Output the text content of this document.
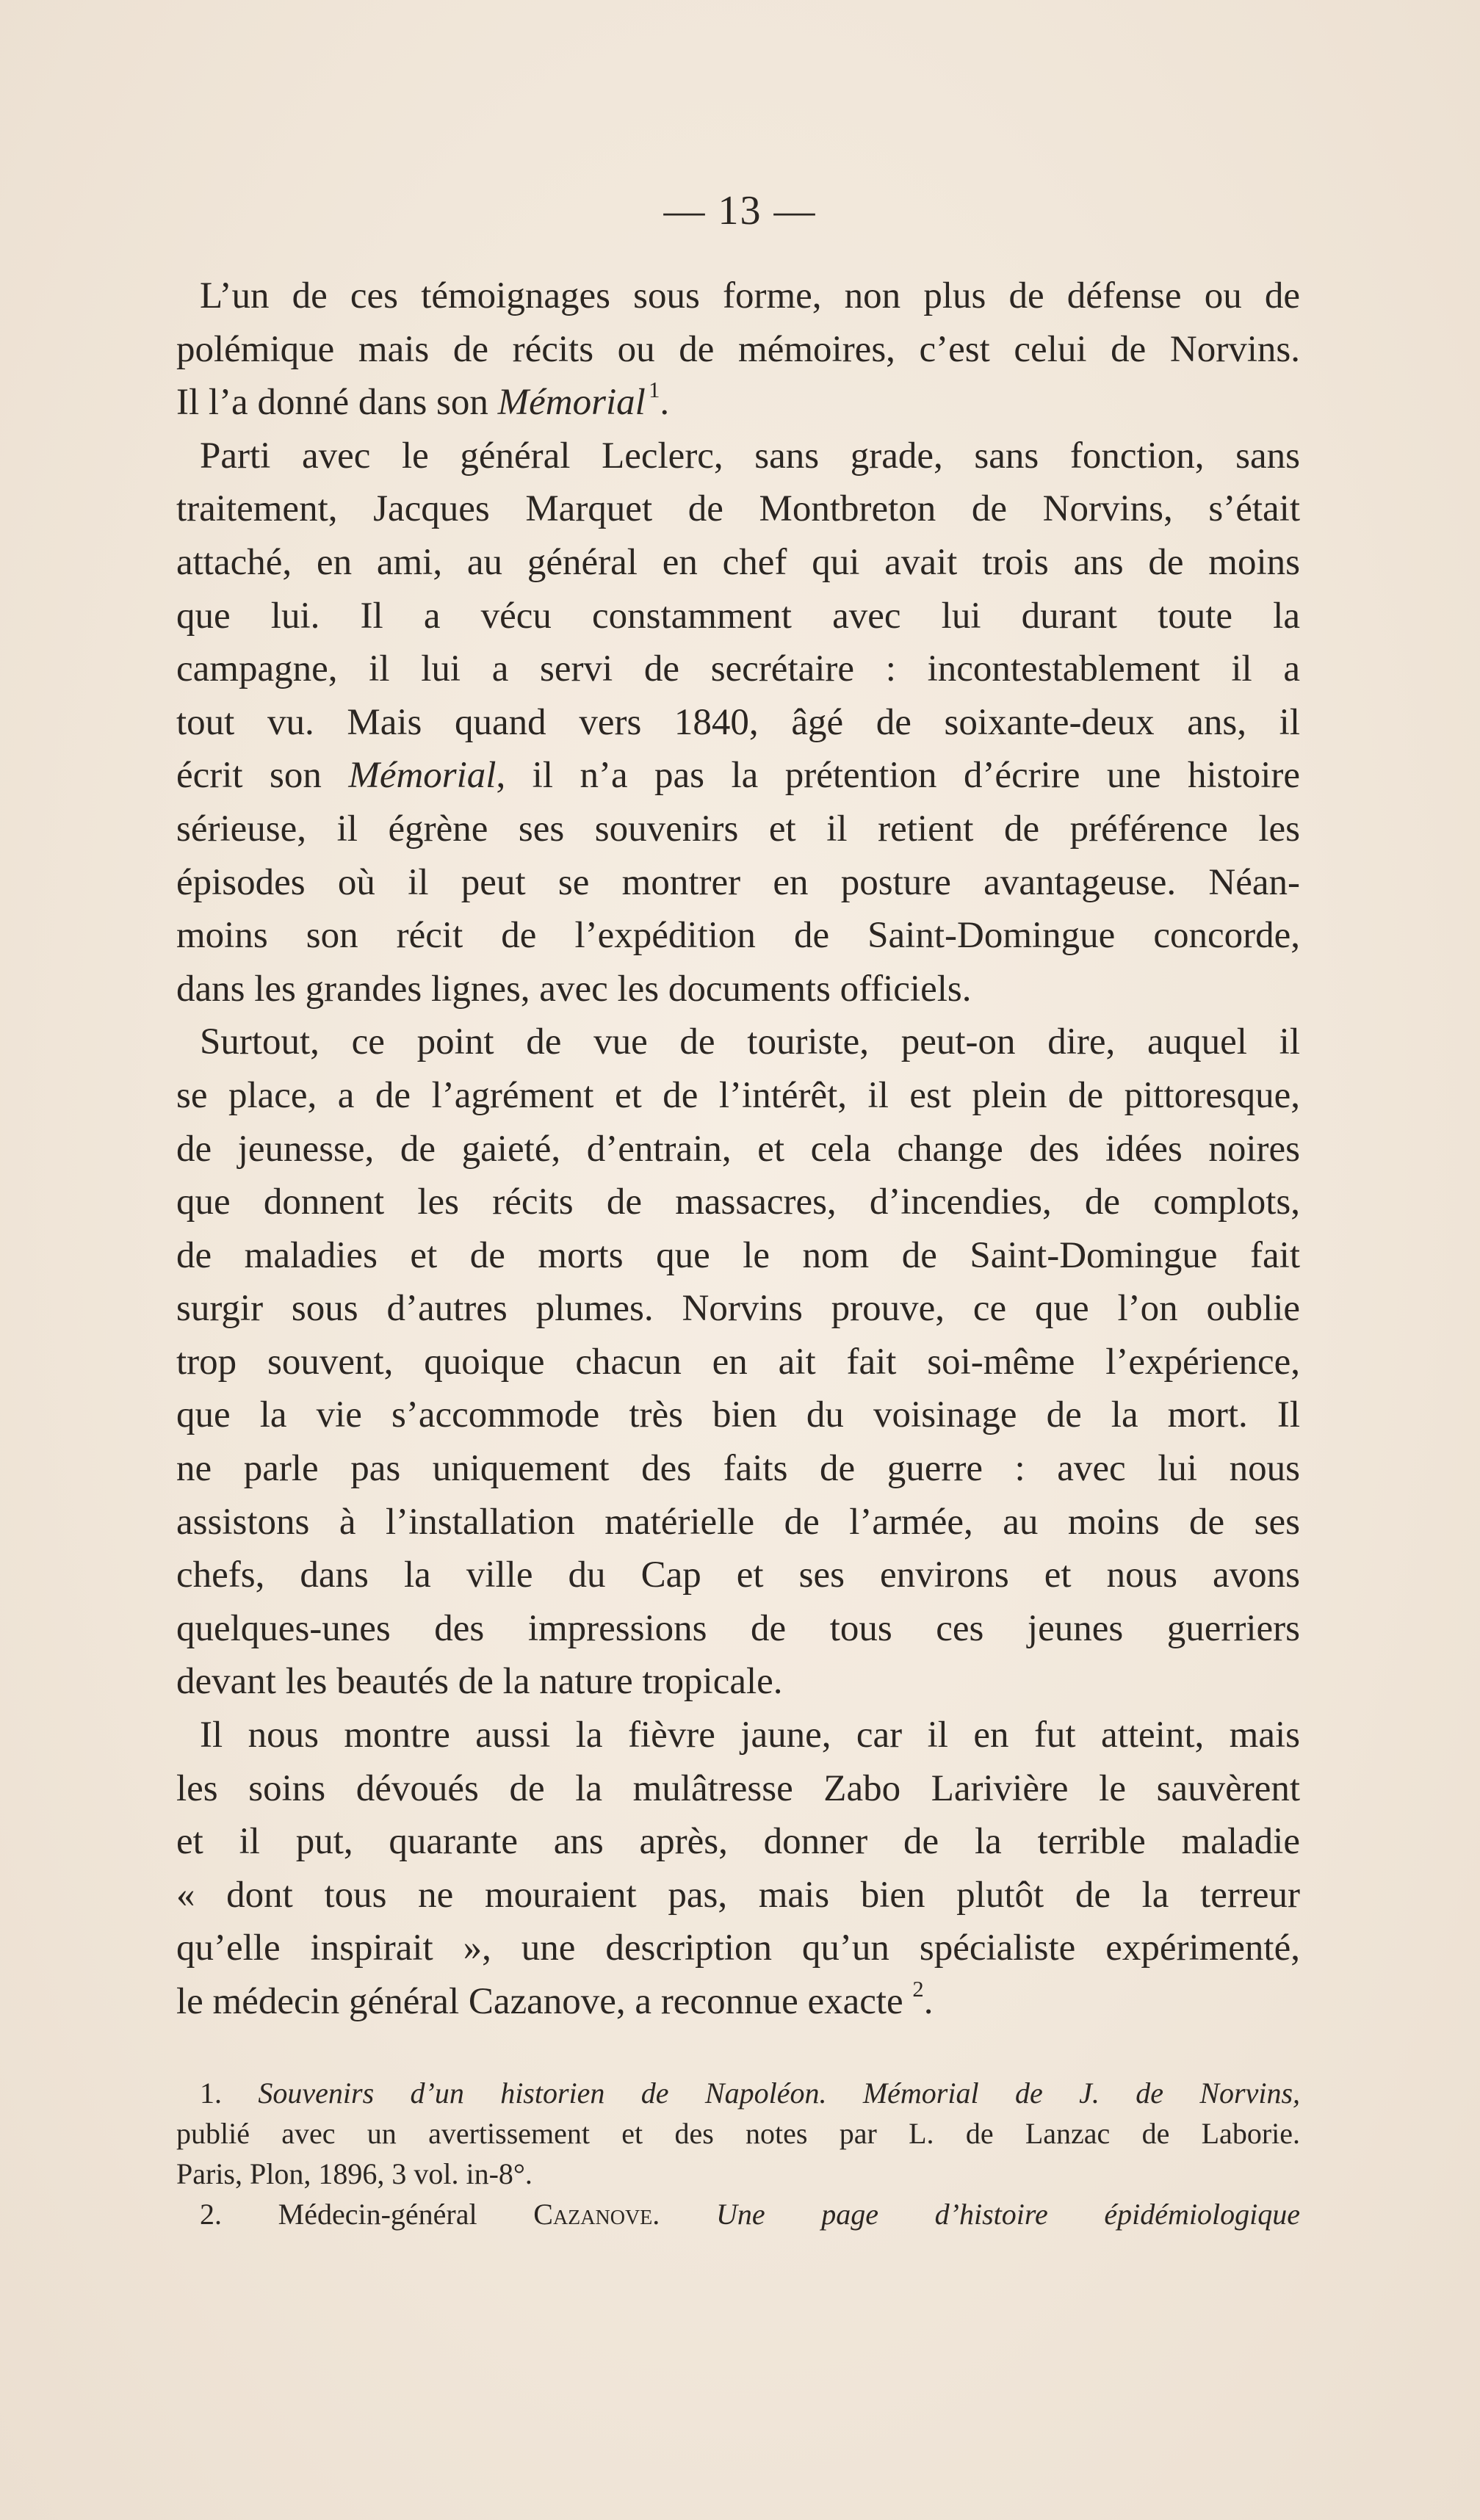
— 13 —
L’un de ces témoignages sous forme, non plus de défense ou de
polémique mais de récits ou de mémoires, c’est celui de Norvins.
Il l’a donné dans son Mémorial  $^1$.
Parti avec le général Leclerc, sans grade, sans fonction, sans
traitement, Jacques Marquet de Montbreton de Norvins, s’était
attaché, en ami, au général en chef qui avait trois ans de moins
que lui. Il a vécu constamment avec lui durant toute la
campagne, il lui a servi de secrétaire : incontestablement il a
tout vu. Mais quand vers 1840, âgé de soixante-deux ans, il
écrit son Mémorial, il n’a pas la prétention d’écrire une histoire
sérieuse, il égrène ses souvenirs et il retient de préférence les
épisodes où il peut se montrer en posture avantageuse. Néan-
moins son récit de l’expédition de Saint-Domingue concorde,
dans les grandes lignes, avec les documents officiels.
Surtout, ce point de vue de touriste, peut-on dire, auquel il
se place, a de l’agrément et de l’intérêt, il est plein de pittoresque,
de jeunesse, de gaieté, d’entrain, et cela change des idées noires
que donnent les récits de massacres, d’incendies, de complots,
de maladies et de morts que le nom de Saint-Domingue fait
surgir sous d’autres plumes. Norvins prouve, ce que l’on oublie
trop souvent, quoique chacun en ait fait soi-même l’expérience,
que la vie s’accommode très bien du voisinage de la mort. Il
ne parle pas uniquement des faits de guerre : avec lui nous
assistons à l’installation matérielle de l’armée, au moins de ses
chefs, dans la ville du Cap et ses environs et nous avons
quelques-unes des impressions de tous ces jeunes guerriers
devant les beautés de la nature tropicale.
Il nous montre aussi la fièvre jaune, car il en fut atteint, mais
les soins dévoués de la mulâtresse Zabo Larivière le sauvèrent
et il put, quarante ans après, donner de la terrible maladie
« dont tous ne mouraient pas, mais bien plutôt de la terreur
qu’elle inspirait », une description qu’un spécialiste expérimenté,
le médecin général Cazanove, a reconnue exacte $^2$.
1. Souvenirs d’un historien de Napoléon. Mémorial de J. de Norvins,
publié avec un avertissement et des notes par L. de Lanzac de Laborie.
Paris, Plon, 1896, 3 vol. in-8°.
2. Médecin-général Cazanove. Une page d’histoire épidémiologique
